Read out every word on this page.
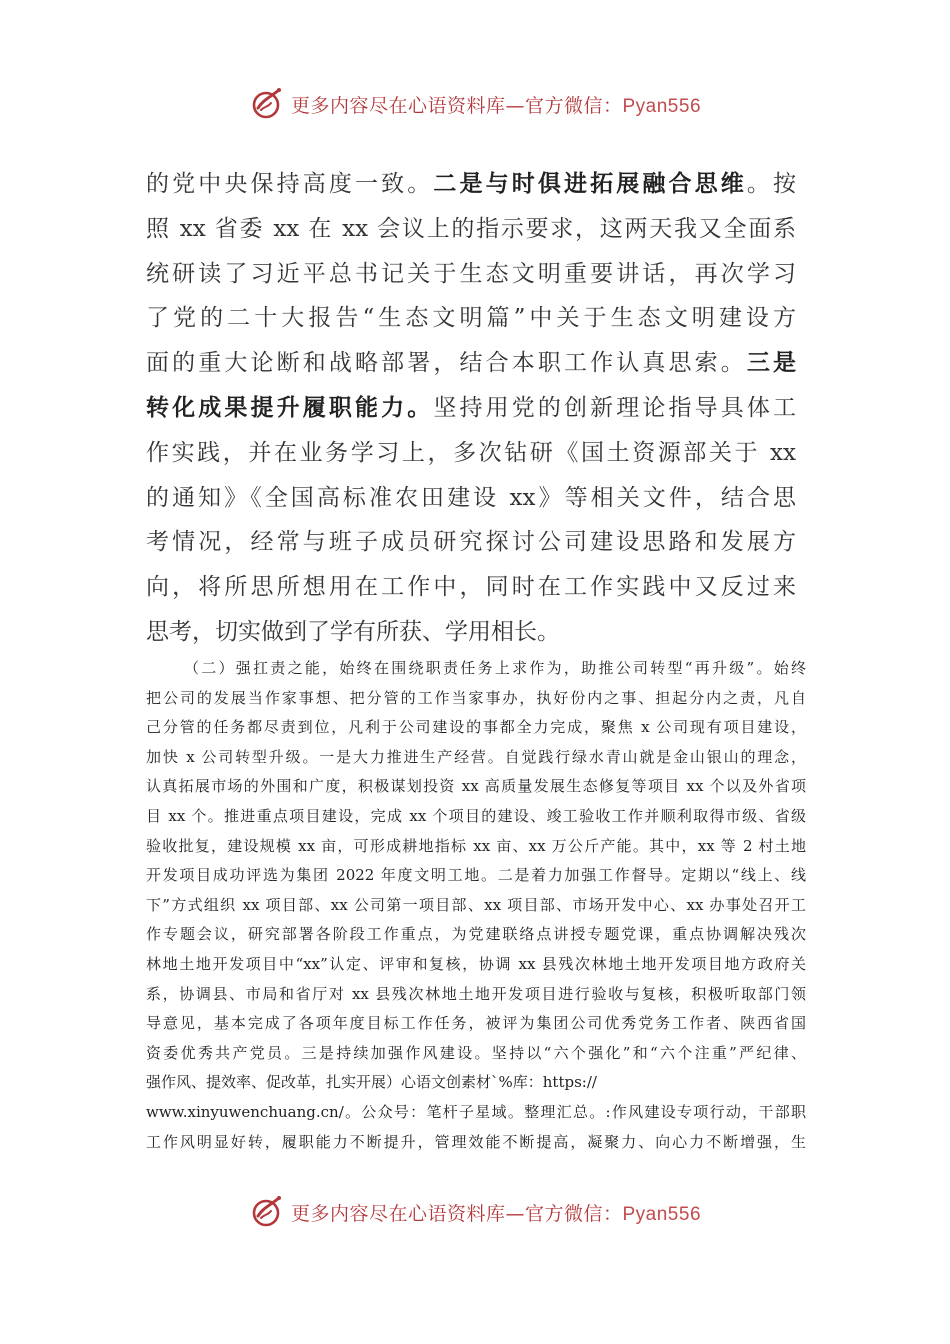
更多内容尽在心语资料库—官方微信：Pyan556
的党中央保持高度一致。二是与时俱进拓展融合思维。按
照 xx 省委 xx 在 xx 会议上的指示要求，这两天我又全面系
统研读了习近平总书记关于生态文明重要讲话，再次学习
了党的二十大报告“生态文明篇”中关于生态文明建设方
面的重大论断和战略部署，结合本职工作认真思索。三是
转化成果提升履职能力。坚持用党的创新理论指导具体工
作实践，并在业务学习上，多次钻研《国土资源部关于 xx
的通知》《全国高标准农田建设 xx》等相关文件，结合思
考情况，经常与班子成员研究探讨公司建设思路和发展方
向，将所思所想用在工作中，同时在工作实践中又反过来
思考，切实做到了学有所获、学用相长。
（二）强扛责之能，始终在围绕职责任务上求作为，助推公司转型“再升级”。始终
把公司的发展当作家事想、把分管的工作当家事办，执好份内之事、担起分内之责，凡自
己分管的任务都尽责到位，凡利于公司建设的事都全力完成，聚焦 x 公司现有项目建设，
加快 x 公司转型升级。一是大力推进生产经营。自觉践行绿水青山就是金山银山的理念，
认真拓展市场的外围和广度，积极谋划投资 xx 高质量发展生态修复等项目 xx 个以及外省项
目 xx 个。推进重点项目建设，完成 xx 个项目的建设、竣工验收工作并顺利取得市级、省级
验收批复，建设规模 xx 亩，可形成耕地指标 xx 亩、xx 万公斤产能。其中，xx 等 2 村土地
开发项目成功评选为集团 2022 年度文明工地。二是着力加强工作督导。定期以“线上、线
下”方式组织 xx 项目部、xx 公司第一项目部、xx 项目部、市场开发中心、xx 办事处召开工
作专题会议，研究部署各阶段工作重点，为党建联络点讲授专题党课，重点协调解决残次
林地土地开发项目中“xx”认定、评审和复核，协调 xx 县残次林地土地开发项目地方政府关
系，协调县、市局和省厅对 xx 县残次林地土地开发项目进行验收与复核，积极听取部门领
导意见，基本完成了各项年度目标工作任务，被评为集团公司优秀党务工作者、陕西省国
资委优秀共产党员。三是持续加强作风建设。坚持以“六个强化”和“六个注重”严纪律、
强作风、提效率、促改革，扎实开展）心语文创素材`%库：https://
www.xinyuwenchuang.cn/。公众号：笔杆子星域。整理汇总。:作风建设专项行动，干部职
工作风明显好转，履职能力不断提升，管理效能不断提高，凝聚力、向心力不断增强，生
更多内容尽在心语资料库—官方微信：Pyan556
